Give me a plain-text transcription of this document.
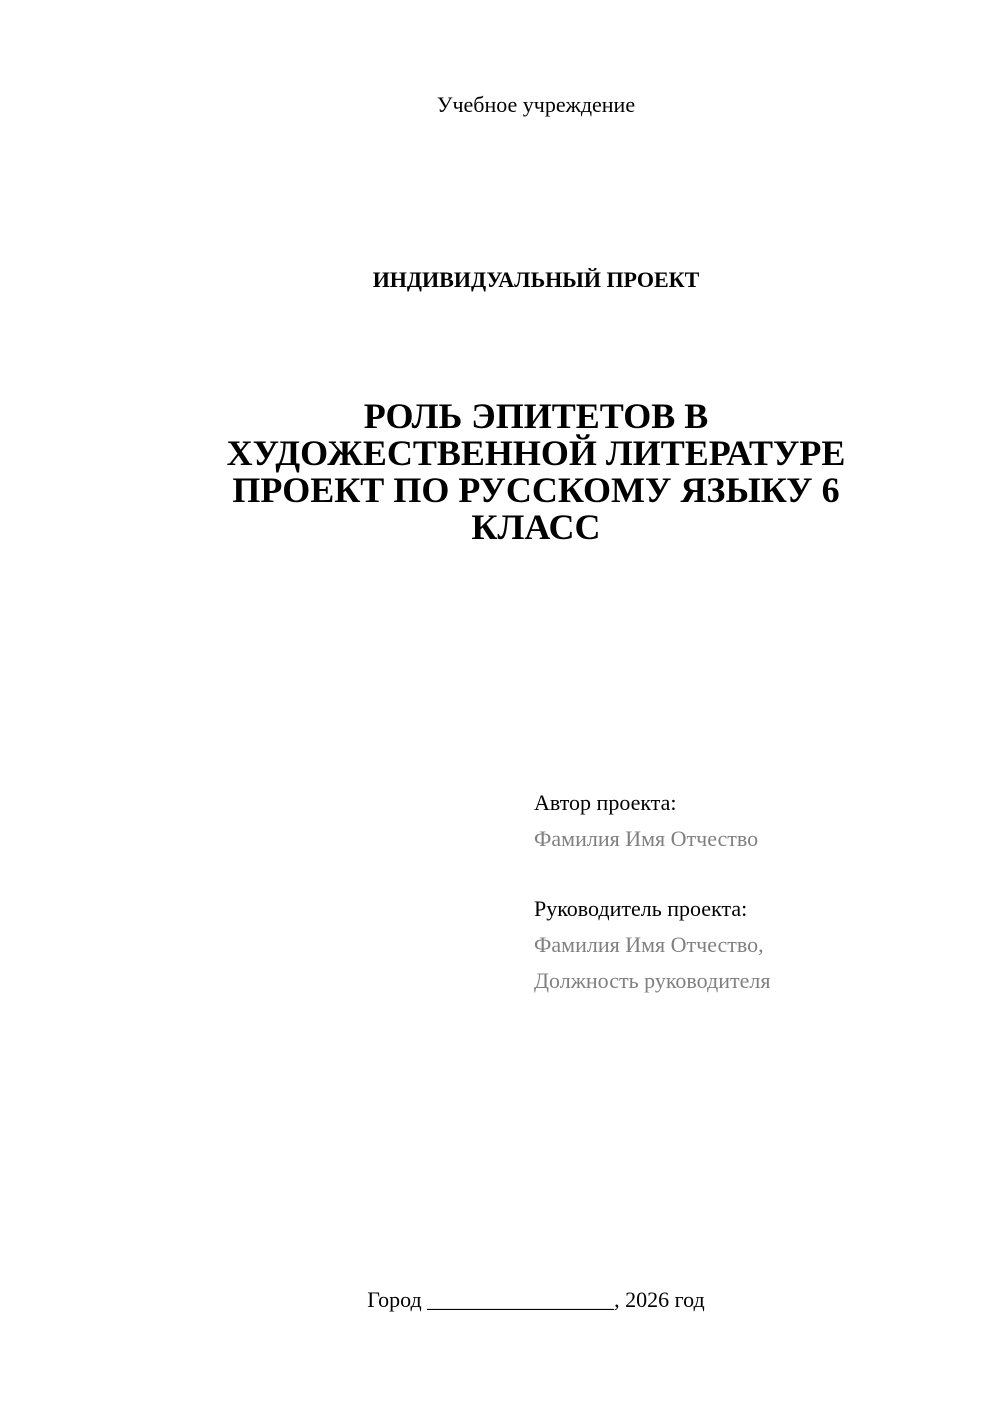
Учебное учреждение
ИНДИВИДУАЛЬНЫЙ ПРОЕКТ
РОЛЬ ЭПИТЕТОВ В
ХУДОЖЕСТВЕННОЙ ЛИТЕРАТУРЕ
ПРОЕКТ ПО РУССКОМУ ЯЗЫКУ 6
КЛАСС
Автор проекта:
Фамилия Имя Отчество
Руководитель проекта:
Фамилия Имя Отчество,
Должность руководителя
Город _________________, 2026 год
